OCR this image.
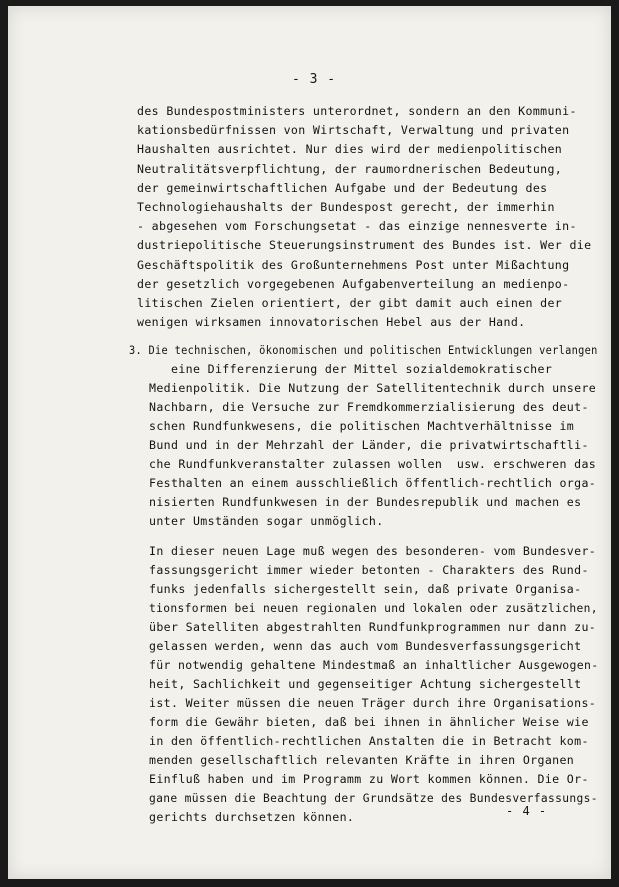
- 3 -
des Bundespostministers unterordnet, sondern an den Kommuni-
kationsbedürfnissen von Wirtschaft, Verwaltung und privaten
Haushalten ausrichtet. Nur dies wird der medienpolitischen
Neutralitätsverpflichtung, der raumordnerischen Bedeutung,
der gemeinwirtschaftlichen Aufgabe und der Bedeutung des
Technologiehaushalts der Bundespost gerecht, der immerhin
- abgesehen vom Forschungsetat - das einzige nennesverte in-
dustriepolitische Steuerungsinstrument des Bundes ist. Wer die
Geschäftspolitik des Großunternehmens Post unter Mißachtung
der gesetzlich vorgegebenen Aufgabenverteilung an medienpo-
litischen Zielen orientiert, der gibt damit auch einen der
wenigen wirksamen innovatorischen Hebel aus der Hand.
3. Die technischen, ökonomischen und politischen Entwicklungen verlangen
eine Differenzierung der Mittel sozialdemokratischer
Medienpolitik. Die Nutzung der Satellitentechnik durch unsere
Nachbarn, die Versuche zur Fremdkommerzialisierung des deut-
schen Rundfunkwesens, die politischen Machtverhältnisse im
Bund und in der Mehrzahl der Länder, die privatwirtschaftli-
che Rundfunkveranstalter zulassen wollen  usw. erschweren das
Festhalten an einem ausschließlich öffentlich-rechtlich orga-
nisierten Rundfunkwesen in der Bundesrepublik und machen es
unter Umständen sogar unmöglich.
In dieser neuen Lage muß wegen des besonderen- vom Bundesver-
fassungsgericht immer wieder betonten - Charakters des Rund-
funks jedenfalls sichergestellt sein, daß private Organisa-
tionsformen bei neuen regionalen und lokalen oder zusätzlichen,
über Satelliten abgestrahlten Rundfunkprogrammen nur dann zu-
gelassen werden, wenn das auch vom Bundesverfassungsgericht
für notwendig gehaltene Mindestmaß an inhaltlicher Ausgewogen-
heit, Sachlichkeit und gegenseitiger Achtung sichergestellt
ist. Weiter müssen die neuen Träger durch ihre Organisations-
form die Gewähr bieten, daß bei ihnen in ähnlicher Weise wie
in den öffentlich-rechtlichen Anstalten die in Betracht kom-
menden gesellschaftlich relevanten Kräfte in ihren Organen
Einfluß haben und im Programm zu Wort kommen können. Die Or-
gane müssen die Beachtung der Grundsätze des Bundesverfassungs-
gerichts durchsetzen können.	- 4 -
